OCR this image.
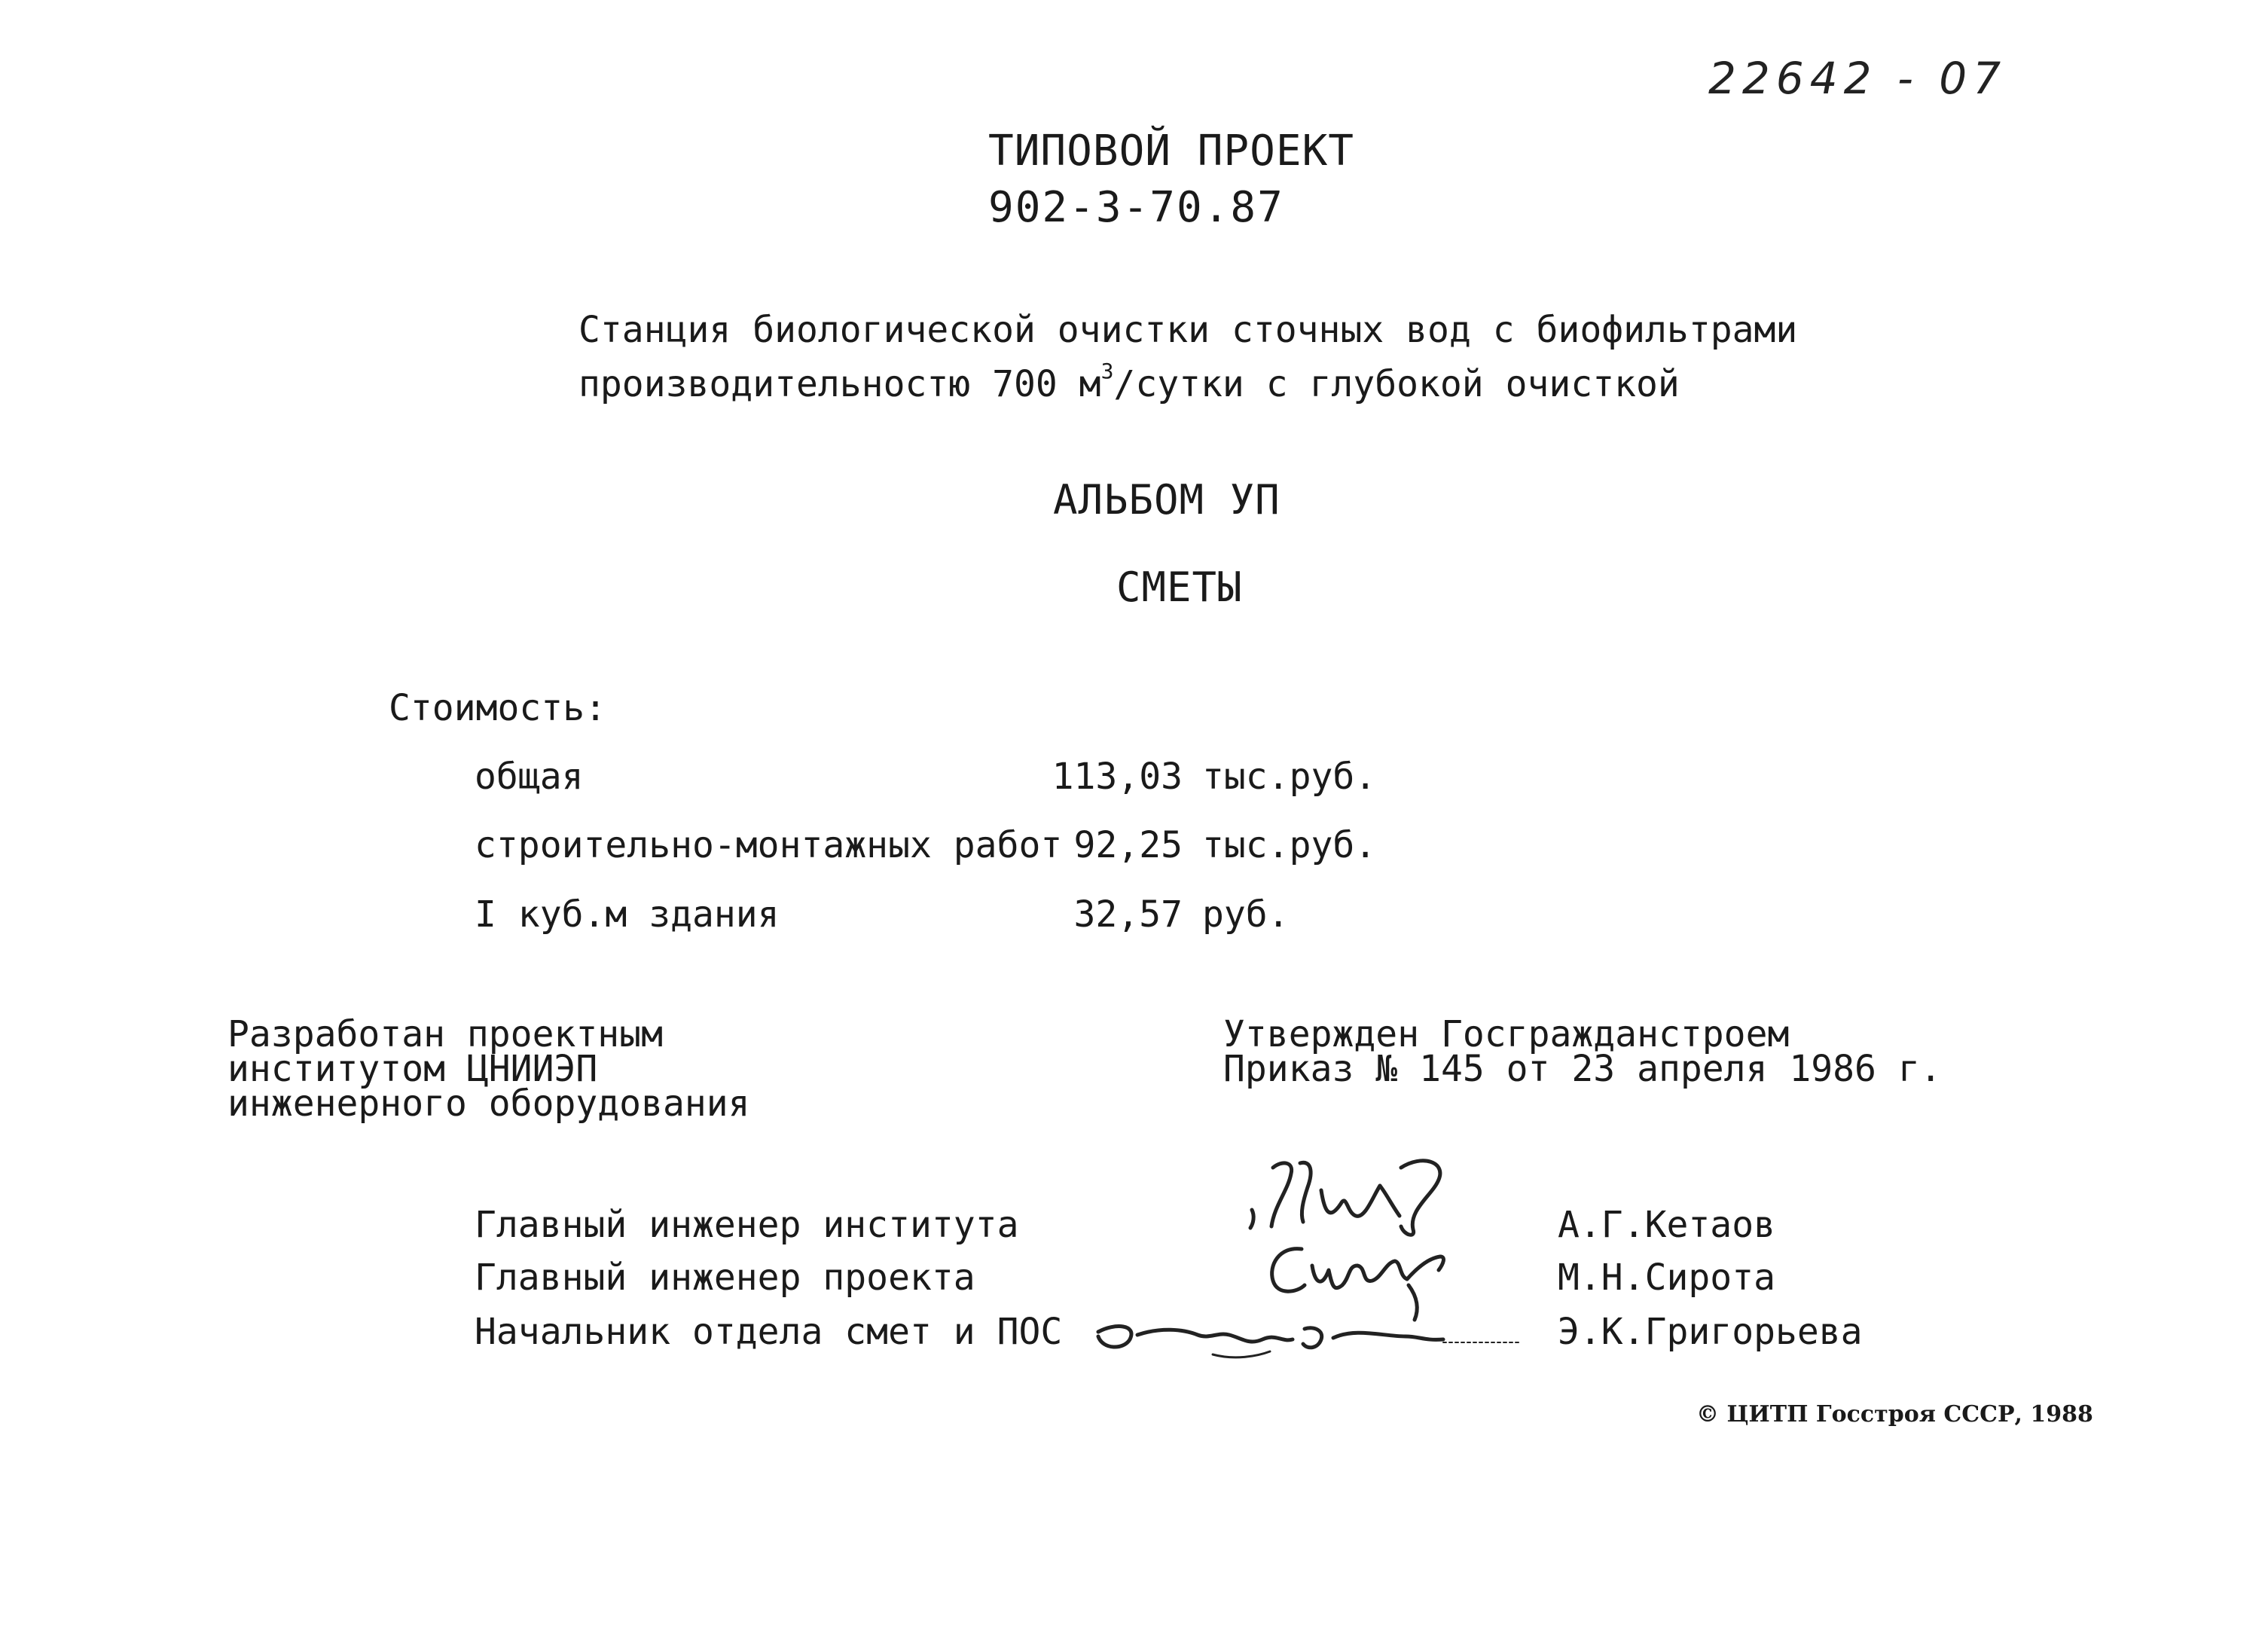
22642 - 07
ТИПОВОЙ ПРОЕКТ
902-3-70.87
Станция биологической очистки сточных вод с биофильтрами
производительностю 700 $м^3$/сутки с глубокой очисткой
АЛЬБОМ УП
СМЕТЫ
Стоимость:
общая	113,03 тыс.руб.
строительно-монтажных работ 92,25 тыс.руб.
I куб.м здания	32,57 руб.
Разработан проектным
институтом ЦНИИЭП
инженерного оборудования
Утвержден Госгражданстроем
Приказ № 145 от 23 апреля 1986 г.
Главный инженер института	А.Г.Кетаов
Главный инженер проекта	М.Н.Сирота
Начальник отдела смет и ПОС	Э.К.Григорьева
© ЦИТП Госстроя СССР, 1988
